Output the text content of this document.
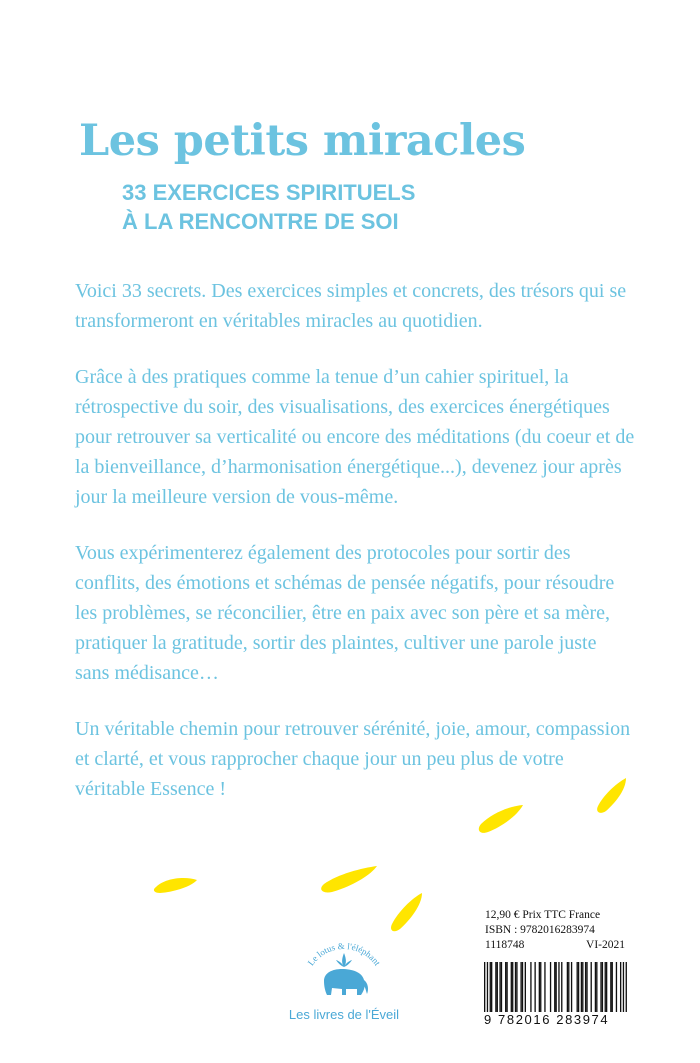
Les petits miracles
33 EXERCICES SPIRITUELS
À LA RENCONTRE DE SOI

Voici 33 secrets. Des exercices simples et concrets, des trésors qui se transformeront en véritables miracles au quotidien.

Grâce à des pratiques comme la tenue d’un cahier spirituel, la rétrospective du soir, des visualisations, des exercices énergétiques pour retrouver sa verticalité ou encore des méditations (du coeur et de la bienveillance, d’harmonisation énergétique...), devenez jour après jour la meilleure version de vous-même.

Vous expérimenterez également des protocoles pour sortir des conflits, des émotions et schémas de pensée négatifs, pour résoudre les problèmes, se réconcilier, être en paix avec son père et sa mère, pratiquer la gratitude, sortir des plaintes, cultiver une parole juste sans médisance…

Un véritable chemin pour retrouver sérénité, joie, amour, compassion et clarté, et vous rapprocher chaque jour un peu plus de votre véritable Essence !

Le lotus & l'éléphant
Les livres de l'Éveil
12,90 € Prix TTC France
ISBN : 9782016283974
1118748	VI-2021
9 782016 283974
